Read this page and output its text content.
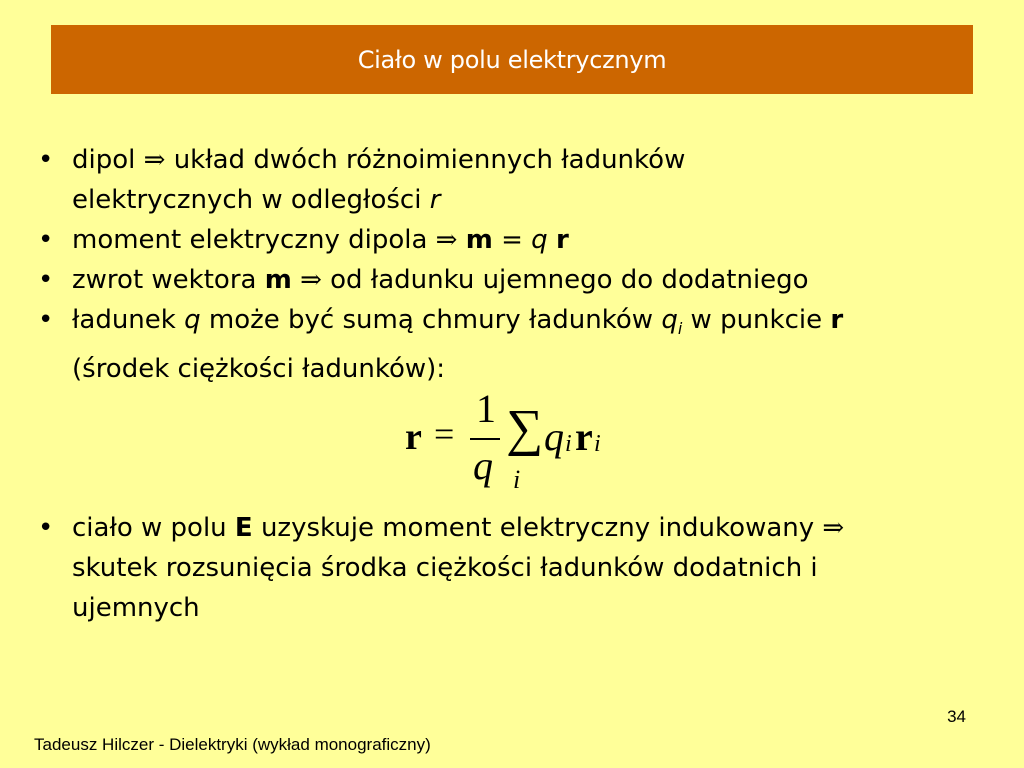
Ciało w polu elektrycznym
• dipol ⇒ układ dwóch różnoimiennych ładunków
elektrycznych w odległości r
• moment elektryczny dipola ⇒ m = q r
• zwrot wektora m ⇒ od ładunku ujemnego do dodatniego
• ładunek q może być sumą chmury ładunków $q_i$ w punkcie r
(środek ciężkości ładunków):
r =
1
q
∑
i
q i r i
• ciało w polu E uzyskuje moment elektryczny indukowany ⇒
skutek rozsunięcia środka ciężkości ładunków dodatnich i
ujemnych
34
Tadeusz Hilczer - Dielektryki (wykład monograficzny)
